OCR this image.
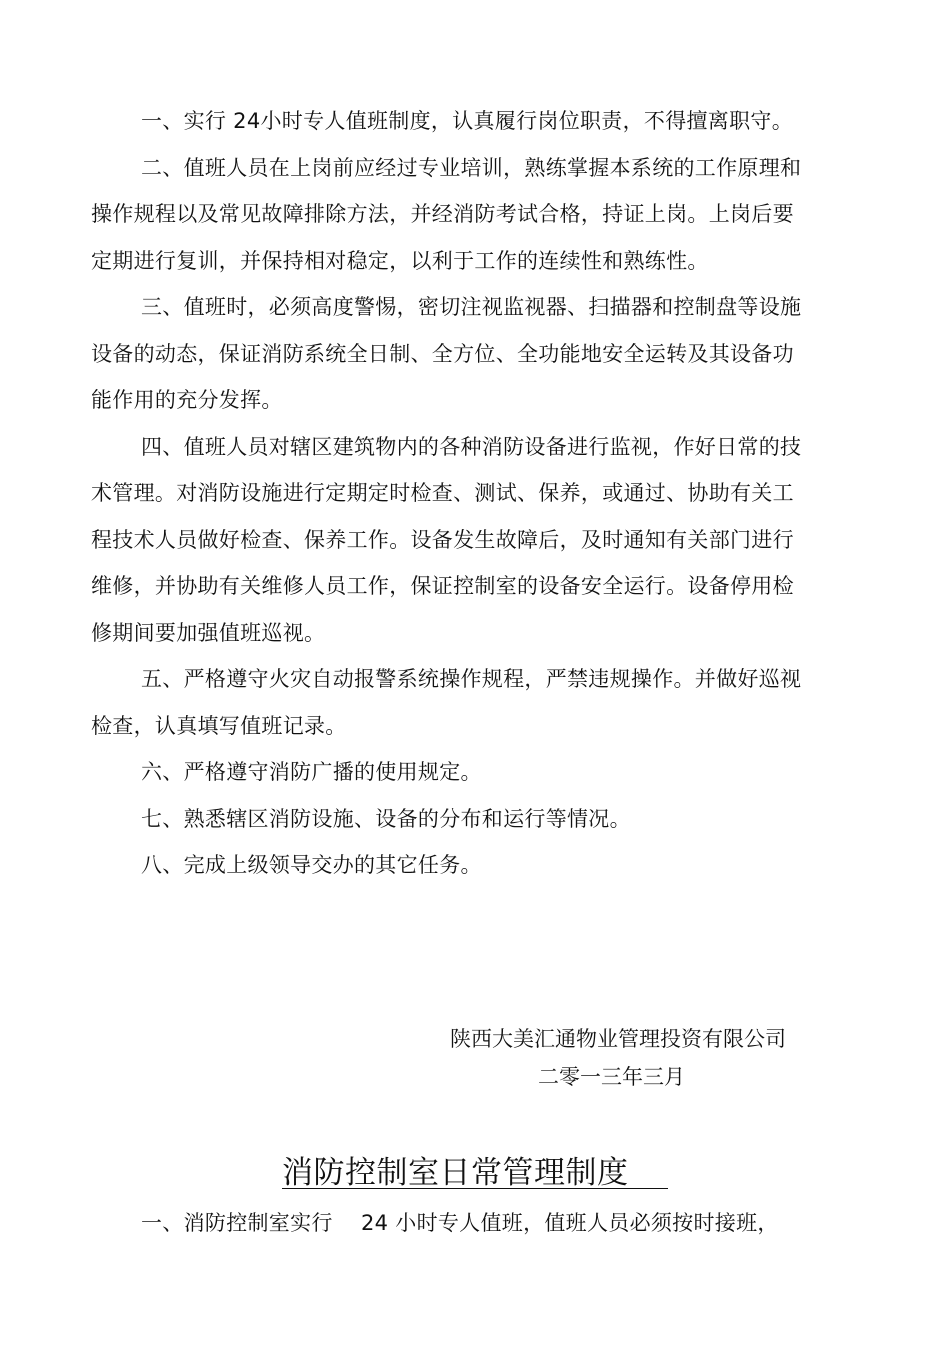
一、实行 24小时专人值班制度，认真履行岗位职责，不得擅离职守。

二、值班人员在上岗前应经过专业培训，熟练掌握本系统的工作原理和操作规程以及常见故障排除方法，并经消防考试合格，持证上岗。上岗后要定期进行复训，并保持相对稳定，以利于工作的连续性和熟练性。

三、值班时，必须高度警惕，密切注视监视器、扫描器和控制盘等设施设备的动态，保证消防系统全日制、全方位、全功能地安全运转及其设备功能作用的充分发挥。

四、值班人员对辖区建筑物内的各种消防设备进行监视，作好日常的技术管理。对消防设施进行定期定时检查、测试、保养，或通过、协助有关工程技术人员做好检查、保养工作。设备发生故障后，及时通知有关部门进行维修，并协助有关维修人员工作，保证控制室的设备安全运行。设备停用检修期间要加强值班巡视。

五、严格遵守火灾自动报警系统操作规程，严禁违规操作。并做好巡视检查，认真填写值班记录。

六、严格遵守消防广播的使用规定。

七、熟悉辖区消防设施、设备的分布和运行等情况。

八、完成上级领导交办的其它任务。

陕西大美汇通物业管理投资有限公司

二零一三年三月

消防控制室日常管理制度

一、消防控制室实行　 24 小时专人值班，值班人员必须按时接班，
